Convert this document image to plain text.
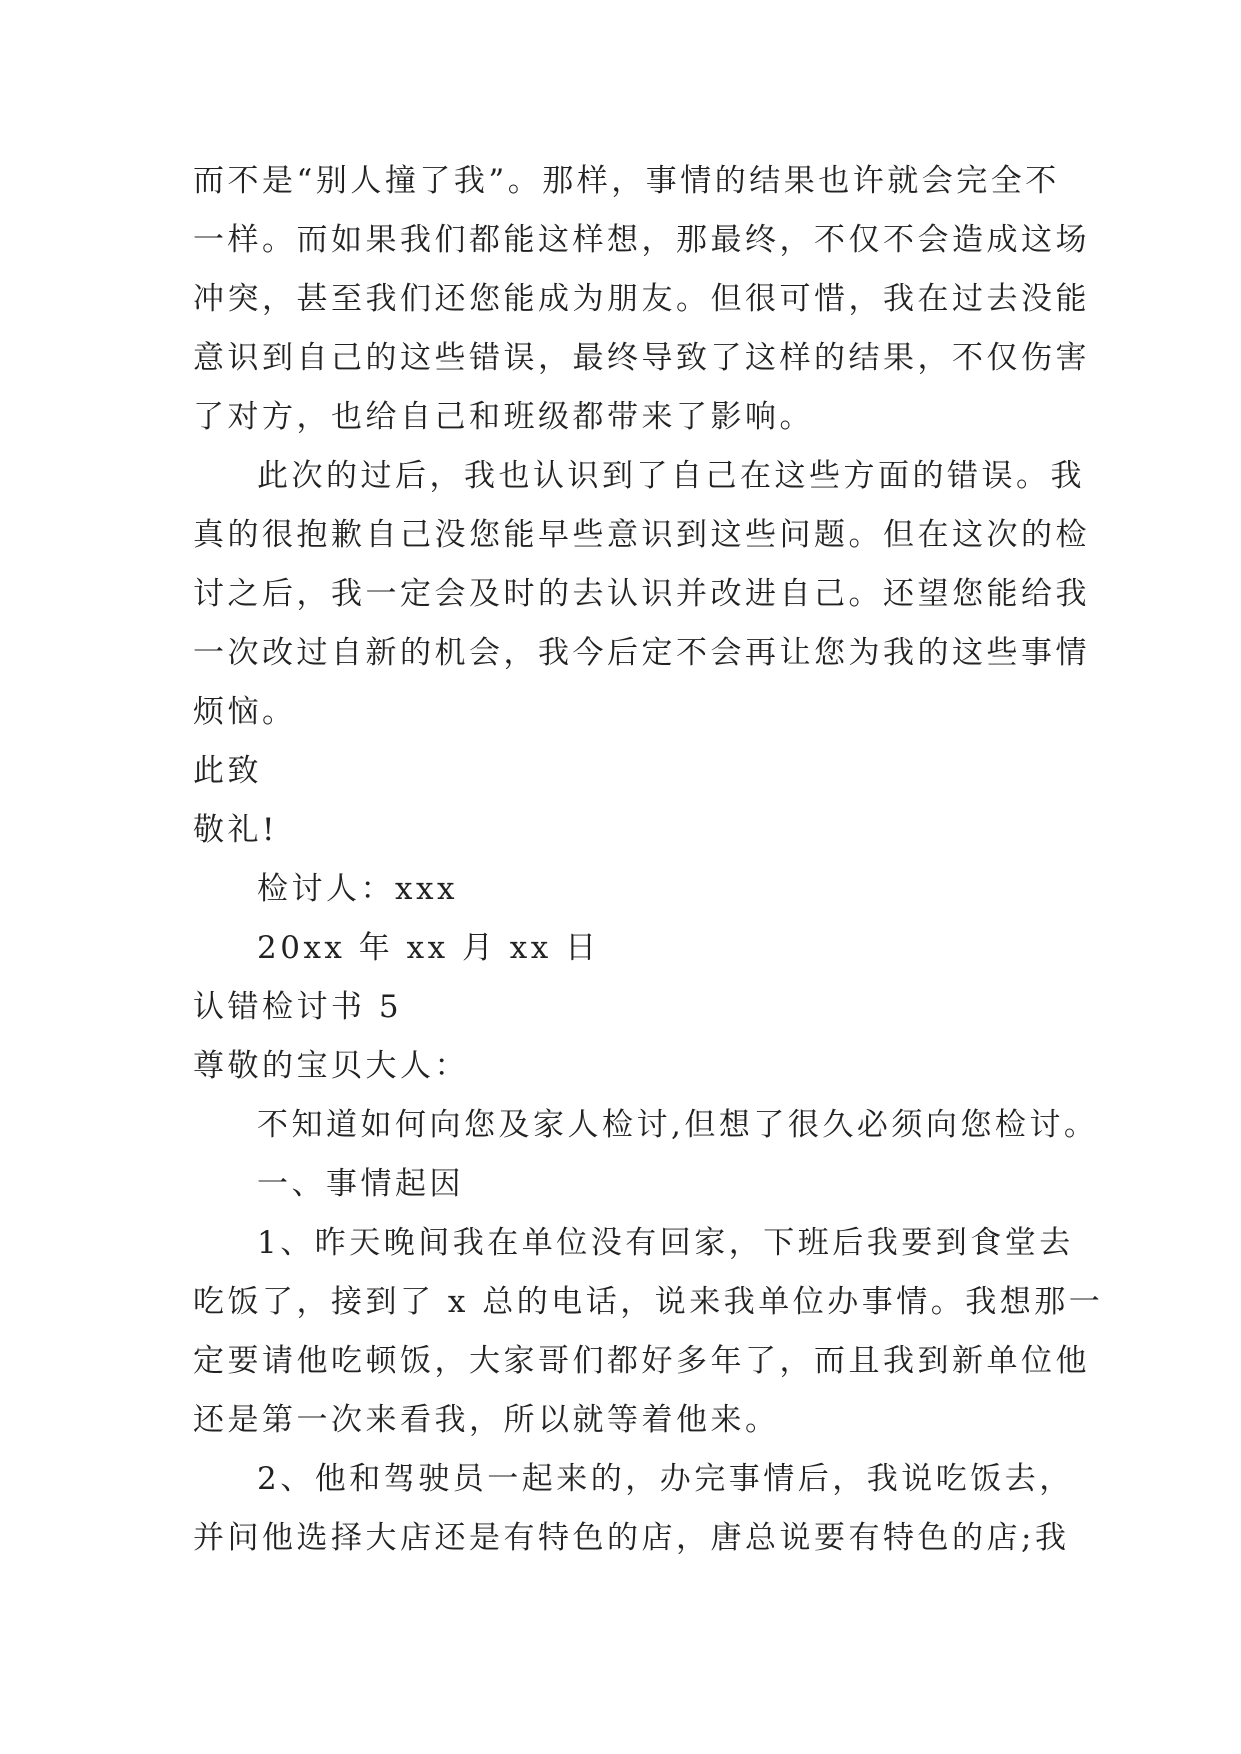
而不是“别人撞了我”。那样，事情的结果也许就会完全不
一样。而如果我们都能这样想，那最终，不仅不会造成这场
冲突，甚至我们还您能成为朋友。但很可惜，我在过去没能
意识到自己的这些错误，最终导致了这样的结果，不仅伤害
了对方，也给自己和班级都带来了影响。
此次的过后，我也认识到了自己在这些方面的错误。我
真的很抱歉自己没您能早些意识到这些问题。但在这次的检
讨之后，我一定会及时的去认识并改进自己。还望您能给我
一次改过自新的机会，我今后定不会再让您为我的这些事情
烦恼。
此致
敬礼!
检讨人：xxx
20xx 年 xx 月 xx 日
认错检讨书 5
尊敬的宝贝大人：
不知道如何向您及家人检讨,但想了很久必须向您检讨。
一、事情起因
1、昨天晚间我在单位没有回家，下班后我要到食堂去
吃饭了，接到了 x 总的电话，说来我单位办事情。我想那一
定要请他吃顿饭，大家哥们都好多年了，而且我到新单位他
还是第一次来看我，所以就等着他来。
2、他和驾驶员一起来的，办完事情后，我说吃饭去，
并问他选择大店还是有特色的店，唐总说要有特色的店;我
